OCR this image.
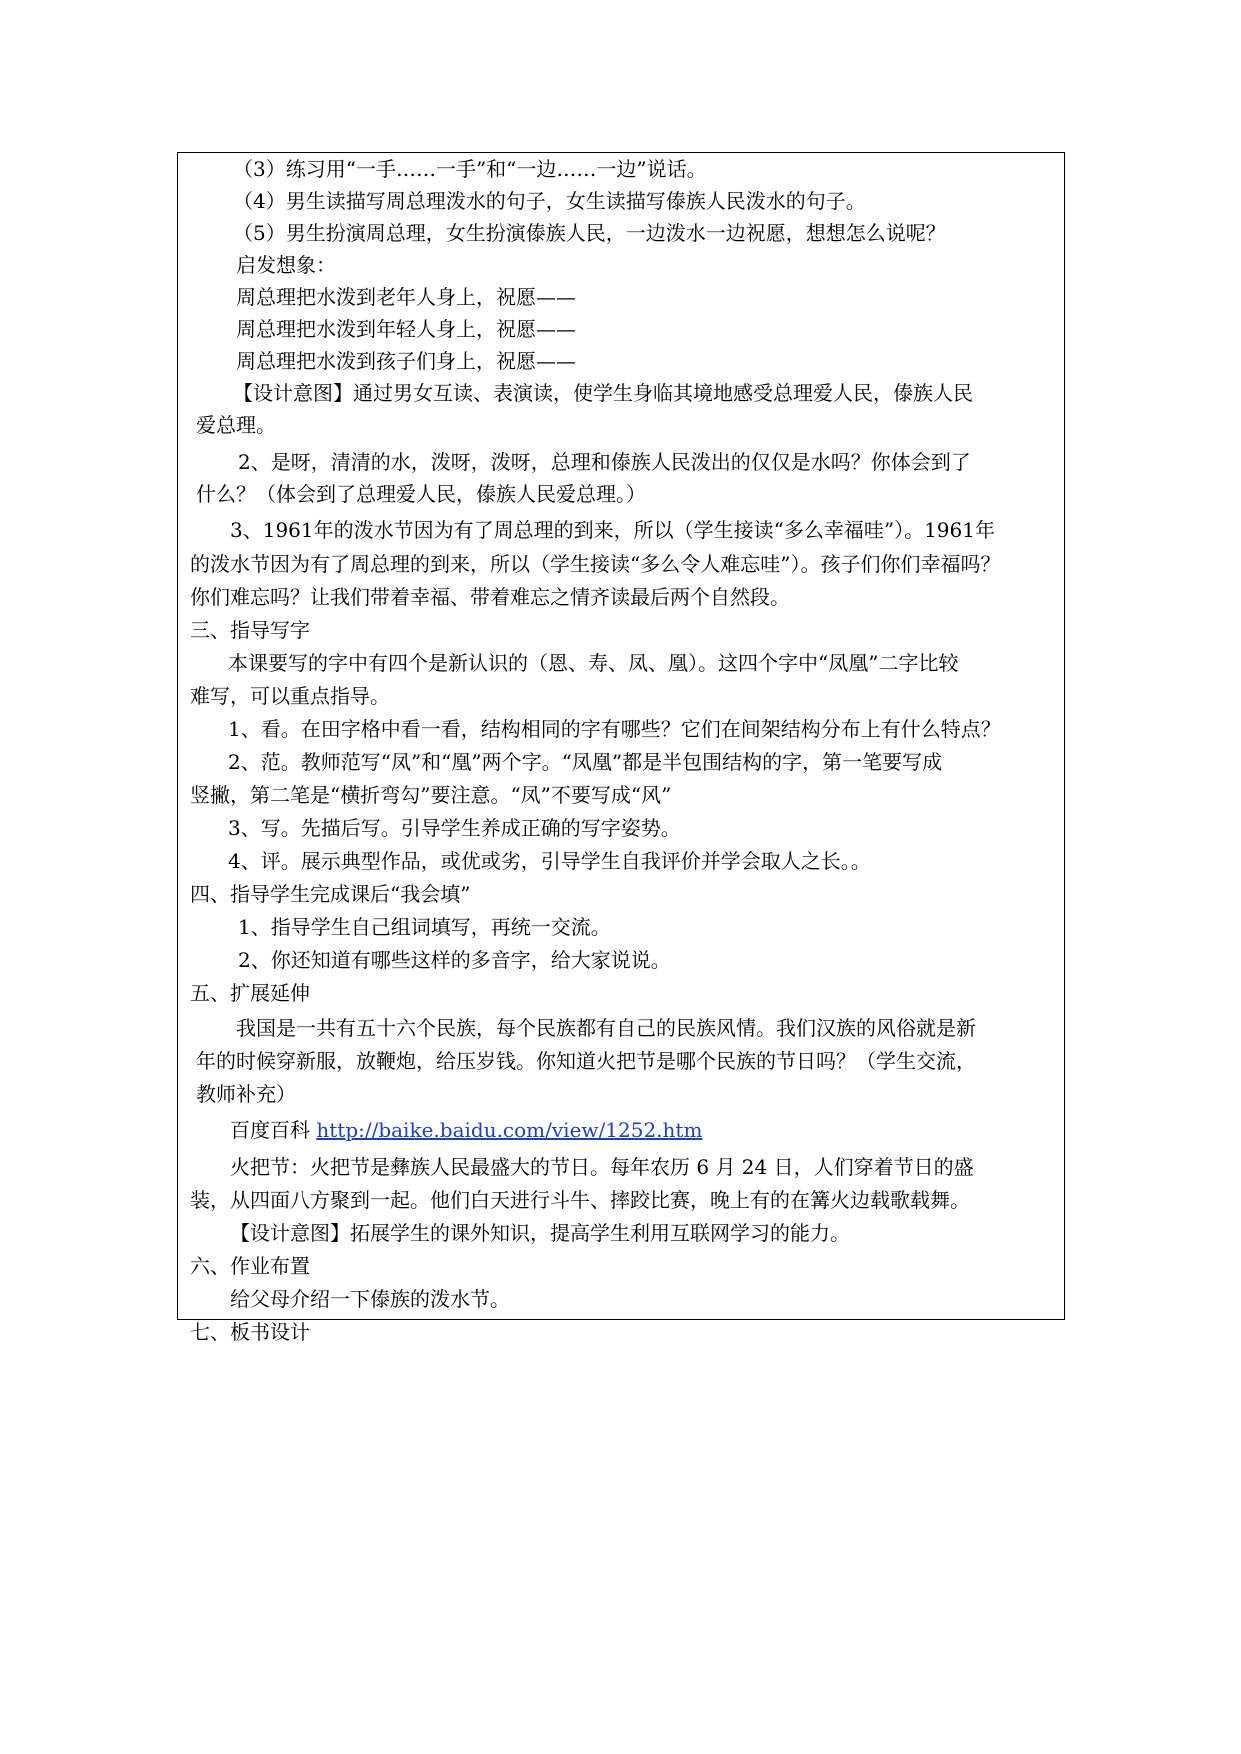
（3）练习用“一手……一手”和“一边……一边”说话。
（4）男生读描写周总理泼水的句子，女生读描写傣族人民泼水的句子。
（5）男生扮演周总理，女生扮演傣族人民，一边泼水一边祝愿，想想怎么说呢？
启发想象：
周总理把水泼到老年人身上，祝愿——
周总理把水泼到年轻人身上，祝愿——
周总理把水泼到孩子们身上，祝愿——
【设计意图】通过男女互读、表演读，使学生身临其境地感受总理爱人民，傣族人民
爱总理。
2、是呀，清清的水，泼呀，泼呀，总理和傣族人民泼出的仅仅是水吗？你体会到了
什么？（体会到了总理爱人民，傣族人民爱总理。）
3、1961年的泼水节因为有了周总理的到来，所以（学生接读“多么幸福哇”）。1961年
的泼水节因为有了周总理的到来，所以（学生接读“多么令人难忘哇”）。孩子们你们幸福吗？
你们难忘吗？让我们带着幸福、带着难忘之情齐读最后两个自然段。
三、指导写字
本课要写的字中有四个是新认识的（恩、寿、凤、凰）。这四个字中“凤凰”二字比较
难写，可以重点指导。
1、看。在田字格中看一看，结构相同的字有哪些？它们在间架结构分布上有什么特点？
2、范。教师范写“凤”和“凰”两个字。“凤凰”都是半包围结构的字，第一笔要写成
竖撇，第二笔是“横折弯勾”要注意。“凤”不要写成“风”
3、写。先描后写。引导学生养成正确的写字姿势。
4、评。展示典型作品，或优或劣，引导学生自我评价并学会取人之长。。
四、指导学生完成课后“我会填”
1、指导学生自己组词填写，再统一交流。
2、你还知道有哪些这样的多音字，给大家说说。
五、扩展延伸
我国是一共有五十六个民族，每个民族都有自己的民族风情。我们汉族的风俗就是新
年的时候穿新服，放鞭炮，给压岁钱。你知道火把节是哪个民族的节日吗？（学生交流，
教师补充）
百度百科 http://baike.baidu.com/view/1252.htm
火把节：火把节是彝族人民最盛大的节日。每年农历 6 月 24 日，人们穿着节日的盛
装，从四面八方聚到一起。他们白天进行斗牛、摔跤比赛，晚上有的在篝火边载歌载舞。
【设计意图】拓展学生的课外知识，提高学生利用互联网学习的能力。
六、作业布置
给父母介绍一下傣族的泼水节。
七、板书设计
